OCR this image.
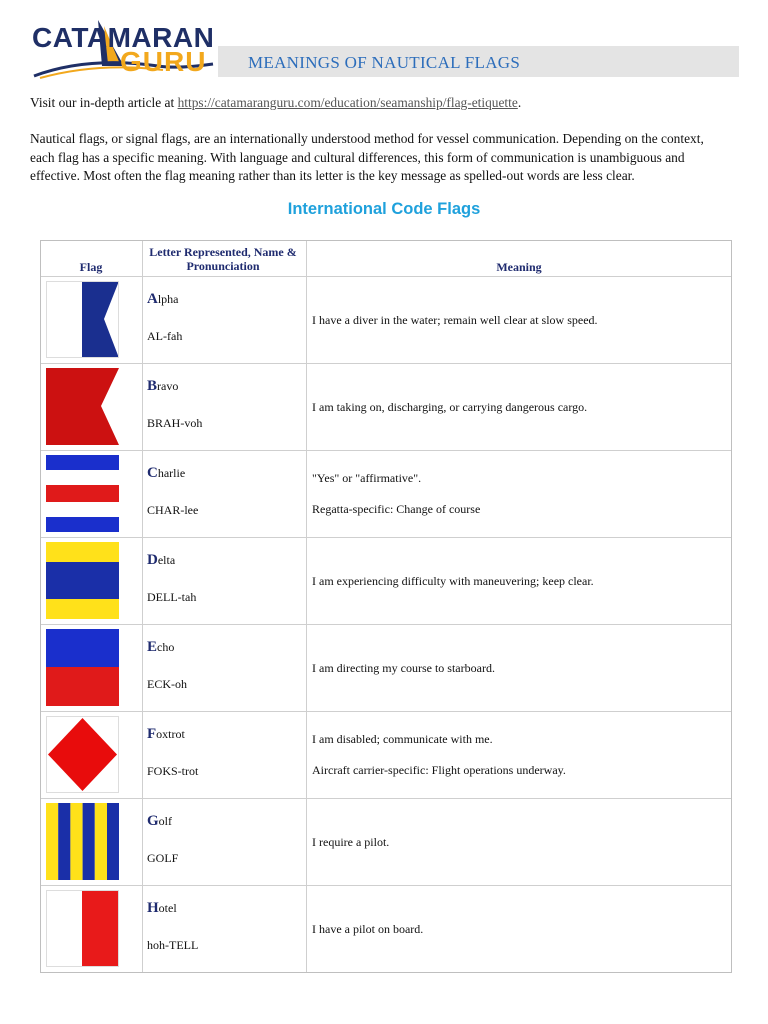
CATAMARAN
GURU MEANINGS OF NAUTICAL FLAGS
Visit our in-depth article at https://catamaranguru.com/education/seamanship/flag-etiquette.
Nautical flags, or signal flags, are an internationally understood method for vessel communication. Depending on the context, each flag has a specific meaning. With language and cultural differences, this form of communication is unambiguous and effective. Most often the flag meaning rather than its letter is the key message as spelled-out words are less clear.
International Code Flags
Flag
Letter Represented, Name & Pronunciation	Meaning
Alpha
AL-fah

I have a diver in the water; remain well clear at slow speed.

Bravo
BRAH-voh

I am taking on, discharging, or carrying dangerous cargo.

Charlie
CHAR-lee

"Yes" or "affirmative".

Regatta-specific: Change of course

Delta
DELL-tah

I am experiencing difficulty with maneuvering; keep clear.

Echo
ECK-oh

I am directing my course to starboard.

Foxtrot
FOKS-trot

I am disabled; communicate with me.

Aircraft carrier-specific: Flight operations underway.

Golf
GOLF

I require a pilot.

Hotel
hoh-TELL

I have a pilot on board.
